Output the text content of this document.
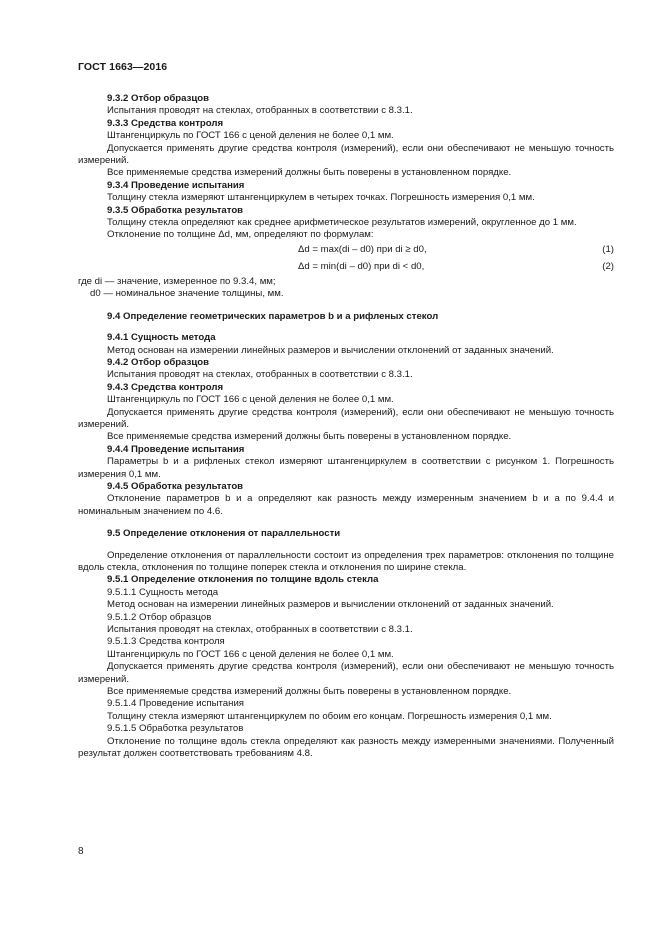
ГОСТ 1663—2016

9.3.2 Отбор образцов

Испытания проводят на стеклах, отобранных в соответствии с 8.3.1.

9.3.3 Средства контроля

Штангенциркуль по ГОСТ 166 с ценой деления не более 0,1 мм.

Допускается применять другие средства контроля (измерений), если они обеспечивают не меньшую точность измерений.

Все применяемые средства измерений должны быть поверены в установленном порядке.

9.3.4 Проведение испытания

Толщину стекла измеряют штангенциркулем в четырех точках. Погрешность измерения 0,1 мм.

9.3.5 Обработка результатов

Толщину стекла определяют как среднее арифметическое результатов измерений, округленное до 1 мм.

Отклонение по толщине Δd, мм, определяют по формулам:

Δd = max(di – d0) при di ≥ d0,	(1)
Δd = min(di – d0) при di < d0,	(2)

где di — значение, измеренное по 9.3.4, мм;

d0 — номинальное значение толщины, мм.

9.4 Определение геометрических параметров b и a рифленых стекол

9.4.1 Сущность метода

Метод основан на измерении линейных размеров и вычислении отклонений от заданных значений.

9.4.2 Отбор образцов

Испытания проводят на стеклах, отобранных в соответствии с 8.3.1.

9.4.3 Средства контроля

Штангенциркуль по ГОСТ 166 с ценой деления не более 0,1 мм.

Допускается применять другие средства контроля (измерений), если они обеспечивают не меньшую точность измерений.

Все применяемые средства измерений должны быть поверены в установленном порядке.

9.4.4 Проведение испытания

Параметры b и a рифленых стекол измеряют штангенциркулем в соответствии с рисунком 1. Погрешность измерения 0,1 мм.

9.4.5 Обработка результатов

Отклонение параметров b и a определяют как разность между измеренным значением b и a по 9.4.4 и номинальным значением по 4.6.

9.5 Определение отклонения от параллельности

Определение отклонения от параллельности состоит из определения трех параметров: отклонения по толщине вдоль стекла, отклонения по толщине поперек стекла и отклонения по ширине стекла.

9.5.1 Определение отклонения по толщине вдоль стекла

9.5.1.1 Сущность метода

Метод основан на измерении линейных размеров и вычислении отклонений от заданных значений.

9.5.1.2 Отбор образцов

Испытания проводят на стеклах, отобранных в соответствии с 8.3.1.

9.5.1.3 Средства контроля

Штангенциркуль по ГОСТ 166 с ценой деления не более 0,1 мм.

Допускается применять другие средства контроля (измерений), если они обеспечивают не меньшую точность измерений.

Все применяемые средства измерений должны быть поверены в установленном порядке.

9.5.1.4 Проведение испытания

Толщину стекла измеряют штангенциркулем по обоим его концам. Погрешность измерения 0,1 мм.

9.5.1.5 Обработка результатов

Отклонение по толщине вдоль стекла определяют как разность между измеренными значениями. Полученный результат должен соответствовать требованиям 4.8.

8
